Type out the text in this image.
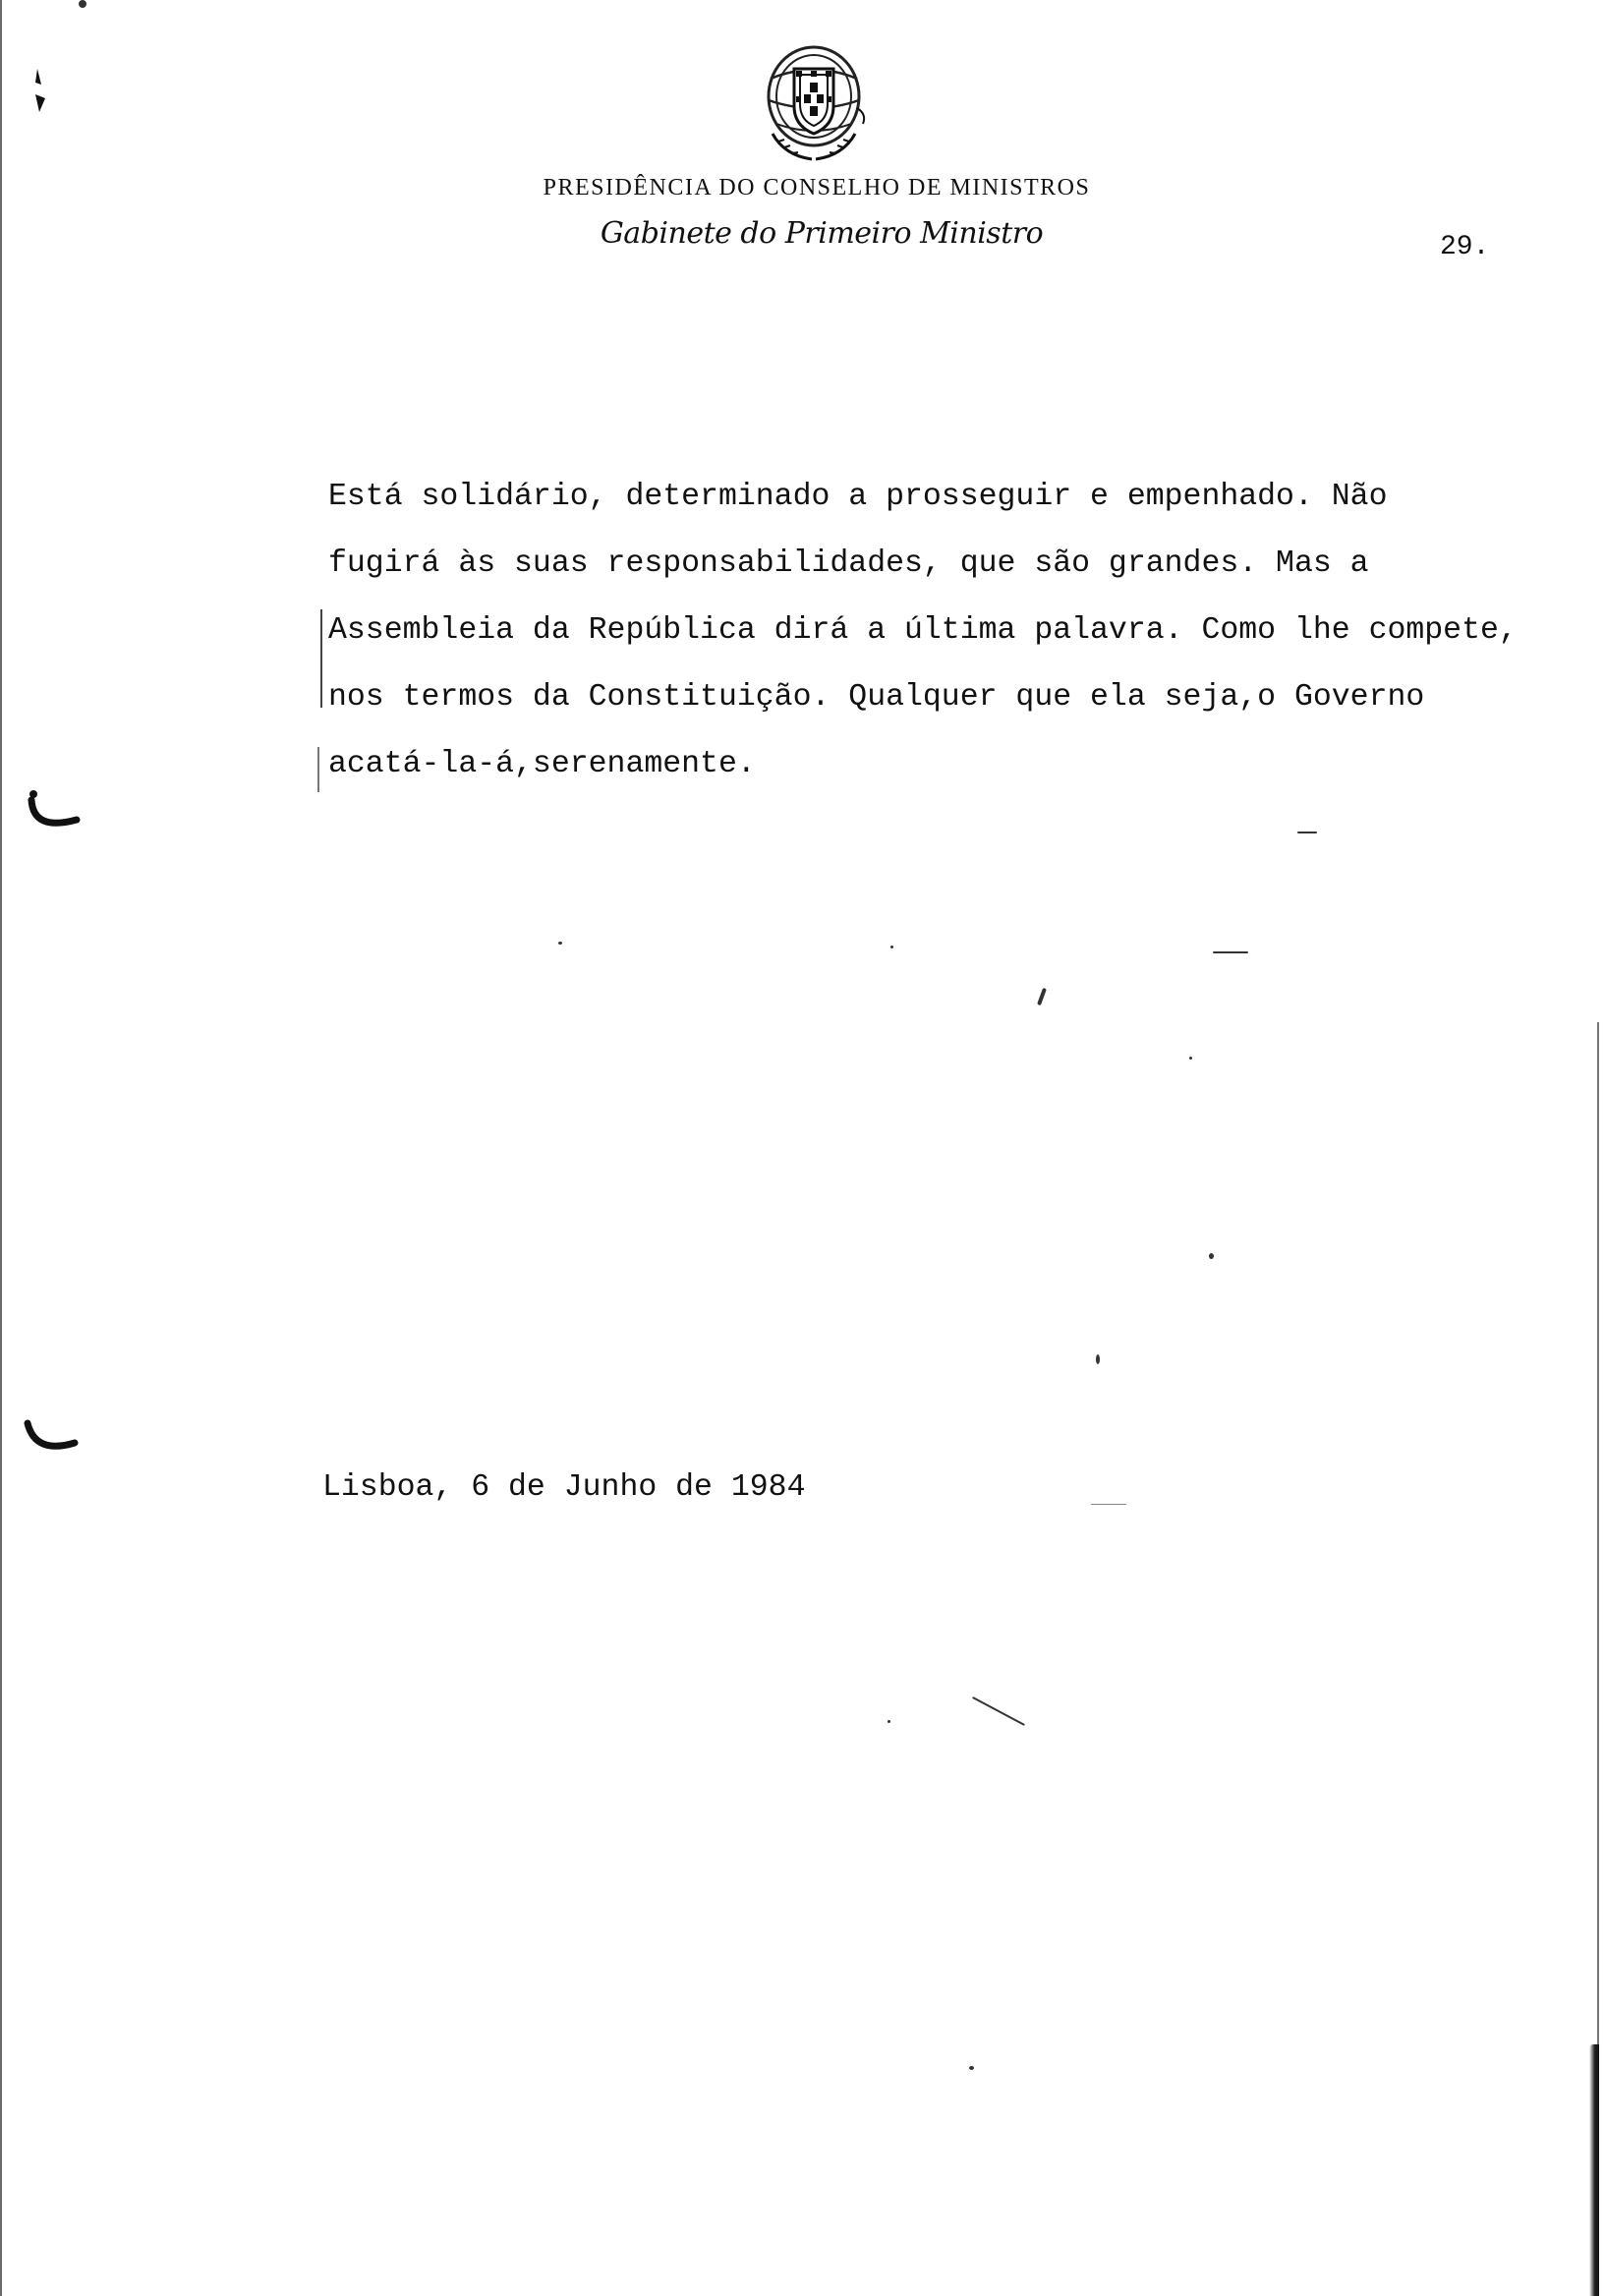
PRESIDÊNCIA DO CONSELHO DE MINISTROS
Gabinete do Primeiro Ministro	29.

Está solidário, determinado a prosseguir e empenhado. Não

fugirá às suas responsabilidades, que são grandes. Mas a

Assembleia da República dirá a última palavra. Como lhe compete,

nos termos da Constituição. Qualquer que ela seja,o Governo

acatá-la-á,serenamente.

Lisboa, 6 de Junho de 1984
